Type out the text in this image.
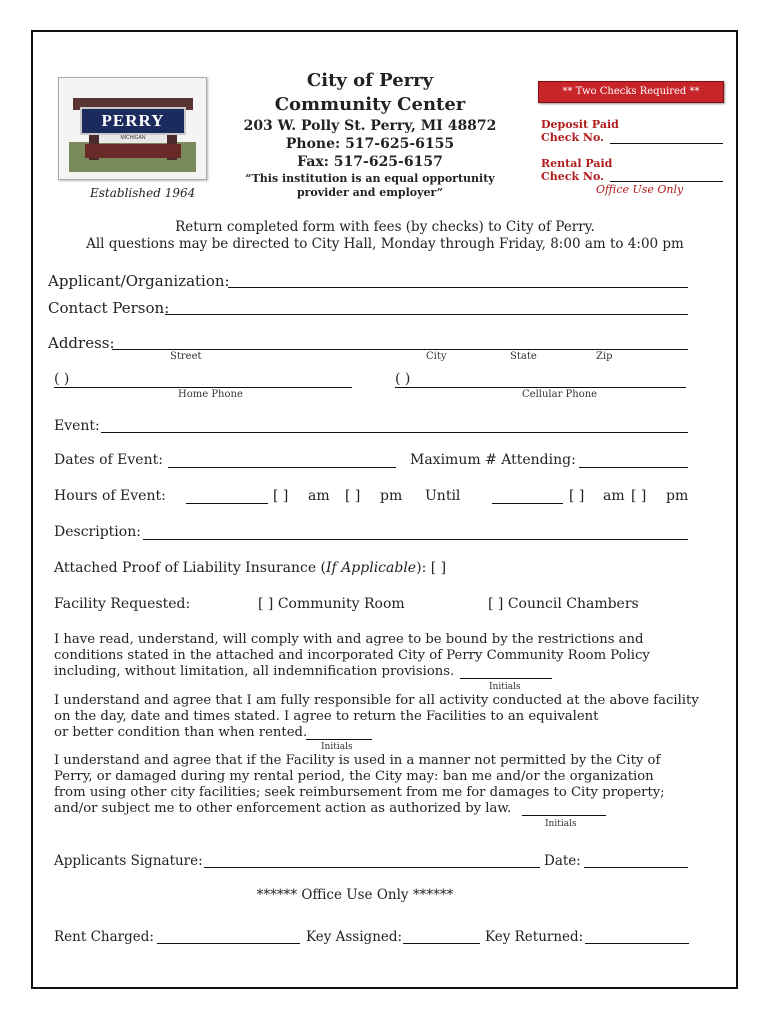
PERRY
MICHIGAN
Established 1964
City of Perry
Community Center
203 W. Polly St. Perry, MI 48872
Phone: 517-625-6155
Fax: 517-625-6157
“This institution is an equal opportunity
provider and employer”
** Two Checks Required **
Deposit Paid
Check No.
Rental Paid
Check No.
Office Use Only
Return completed form with fees (by checks) to City of Perry.
All questions may be directed to City Hall, Monday through Friday, 8:00 am to 4:00 pm
Applicant/Organization:
Contact Person:
Address:
Street	City	State	Zip
( )
Home Phone
( )
Cellular Phone
Event:
Dates of Event:	Maximum # Attending:
Hours of Event:	[ ] am [ ] pm Until	[ ] am [ ] pm
Description:
Attached Proof of Liability Insurance (If Applicable): [ ]
Facility Requested:	[ ] Community Room	[ ] Council Chambers
I have read, understand, will comply with and agree to be bound by the restrictions and
conditions stated in the attached and incorporated City of Perry Community Room Policy
including, without limitation, all indemnification provisions.
Initials
I understand and agree that I am fully responsible for all activity conducted at the above facility
on the day, date and times stated. I agree to return the Facilities to an equivalent
or better condition than when rented.
Initials
I understand and agree that if the Facility is used in a manner not permitted by the City of
Perry, or damaged during my rental period, the City may: ban me and/or the organization
from using other city facilities; seek reimbursement from me for damages to City property;
and/or subject me to other enforcement action as authorized by law.
Initials
Applicants Signature:	Date:
****** Office Use Only ******
Rent Charged:	Key Assigned:	Key Returned:
